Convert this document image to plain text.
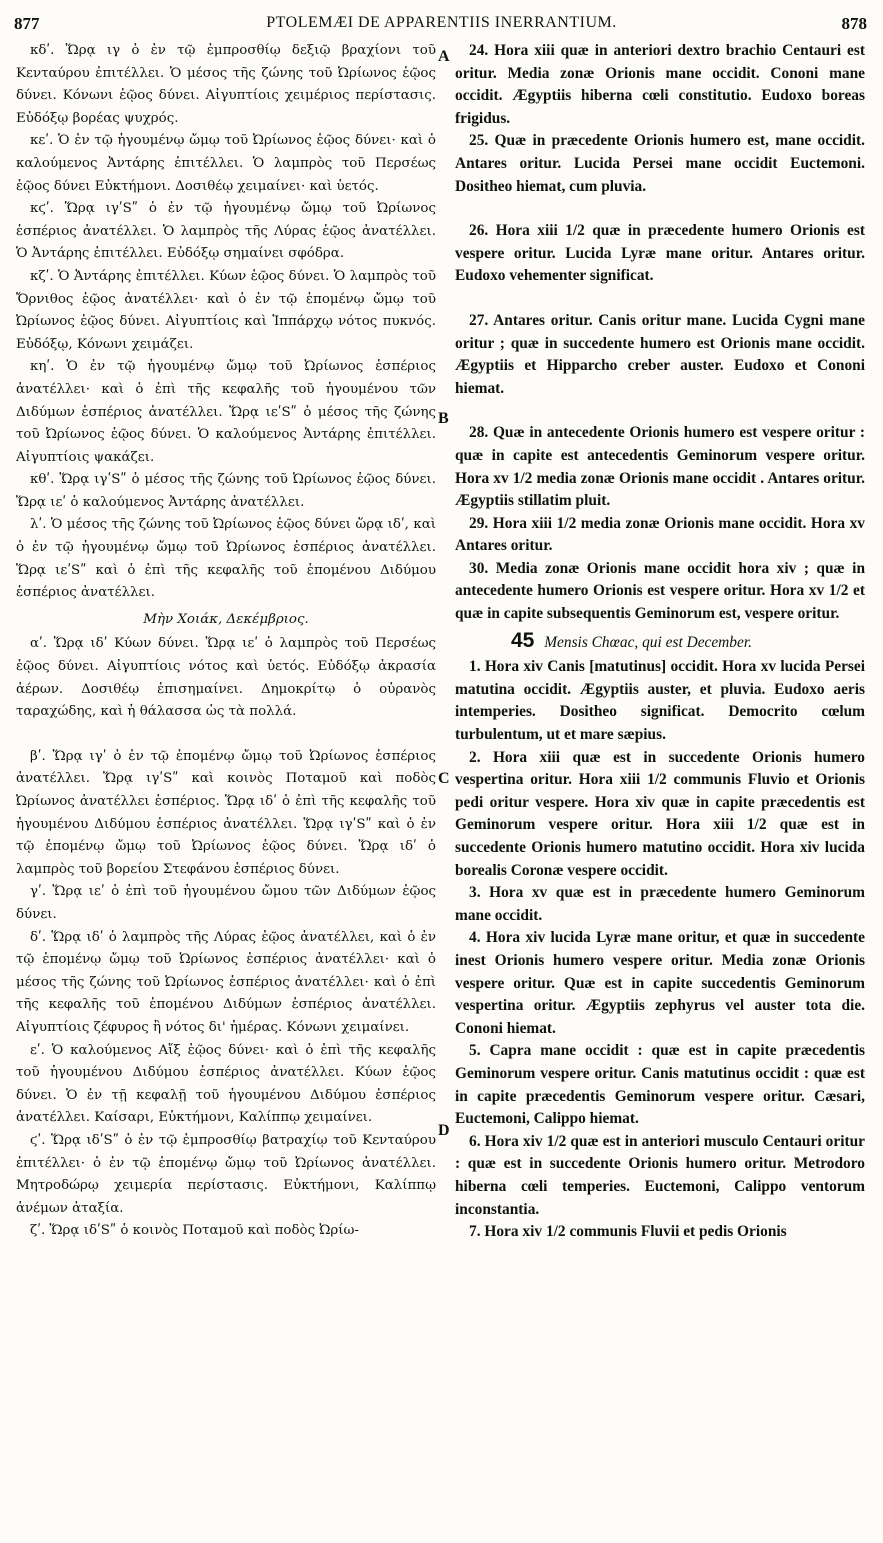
877	PTOLEMÆI DE APPARENTIIS INERRANTIUM.	878
A
B
C
D

κδʹ. Ὥρᾳ ιγ ὁ ἐν τῷ ἐμπροσθίῳ δεξιῷ βραχίονι τοῦ Κενταύρου ἐπιτέλλει. Ὁ μέσος τῆς ζώνης τοῦ Ὠρίωνος ἑῷος δύνει. Κόνωνι ἑῷος δύνει. Αἰγυπτίοις χειμέριος περίστασις. Εὐδόξῳ βορέας ψυχρός.

κεʹ. Ὁ ἐν τῷ ἡγουμένῳ ὤμῳ τοῦ Ὠρίωνος ἑῷος δύνει· καὶ ὁ καλούμενος Ἀντάρης ἐπιτέλλει. Ὁ λαμπρὸς τοῦ Περσέως ἑῷος δύνει Εὐκτήμονι. Δοσιθέῳ χειμαίνει· καὶ ὑετός.

κϛʹ. Ὥρᾳ ιγʹSʺ ὁ ἐν τῷ ἡγουμένῳ ὤμῳ τοῦ Ὠρίωνος ἑσπέριος ἀνατέλλει. Ὁ λαμπρὸς τῆς Λύρας ἑῷος ἀνατέλλει. Ὁ Ἀντάρης ἐπιτέλλει. Εὐδόξῳ σημαίνει σφόδρα.

κζʹ. Ὁ Ἀντάρης ἐπιτέλλει. Κύων ἑῷος δύνει. Ὁ λαμπρὸς τοῦ Ὄρνιθος ἑῷος ἀνατέλλει· καὶ ὁ ἐν τῷ ἑπομένῳ ὤμῳ τοῦ Ὠρίωνος ἑῷος δύνει. Αἰγυπτίοις καὶ Ἱππάρχῳ νότος πυκνός. Εὐδόξῳ, Κόνωνι χειμάζει.

κηʹ. Ὁ ἐν τῷ ἡγουμένῳ ὤμῳ τοῦ Ὠρίωνος ἑσπέριος ἀνατέλλει· καὶ ὁ ἐπὶ τῆς κεφαλῆς τοῦ ἡγουμένου τῶν Διδύμων ἑσπέριος ἀνατέλλει. Ὥρᾳ ιεʹSʺ ὁ μέσος τῆς ζώνης τοῦ Ὠρίωνος ἑῷος δύνει. Ὁ καλούμενος Ἀντάρης ἐπιτέλλει. Αἰγυπτίοις ψακάζει.

κθʹ. Ὥρᾳ ιγʹSʺ ὁ μέσος τῆς ζώνης τοῦ Ὠρίωνος ἑῷος δύνει. Ὥρᾳ ιεʹ ὁ καλούμενος Ἀντάρης ἀνατέλλει.

λʹ. Ὁ μέσος τῆς ζώνης τοῦ Ὠρίωνος ἑῷος δύνει ὥρᾳ ιδʹ, καὶ ὁ ἐν τῷ ἡγουμένῳ ὤμῳ τοῦ Ὠρίωνος ἑσπέριος ἀνατέλλει. Ὥρᾳ ιεʹSʺ καὶ ὁ ἐπὶ τῆς κεφαλῆς τοῦ ἑπομένου Διδύμου ἑσπέριος ἀνατέλλει.

Μὴν Χοιάκ, Δεκέμβριος.

αʹ. Ὥρᾳ ιδʹ Κύων δύνει. Ὥρᾳ ιεʹ ὁ λαμπρὸς τοῦ Περσέως ἑῷος δύνει. Αἰγυπτίοις νότος καὶ ὑετός. Εὐδόξῳ ἀκρασία ἀέρων. Δοσιθέῳ ἐπισημαίνει. Δημοκρίτῳ ὁ οὐρανὸς ταραχώδης, καὶ ἡ θάλασσα ὡς τὰ πολλά.

βʹ. Ὥρᾳ ιγʹ ὁ ἐν τῷ ἑπομένῳ ὤμῳ τοῦ Ὠρίωνος ἑσπέριος ἀνατέλλει. Ὥρᾳ ιγʹSʺ καὶ κοινὸς Ποταμοῦ καὶ ποδὸς Ὠρίωνος ἀνατέλλει ἑσπέριος. Ὥρᾳ ιδʹ ὁ ἐπὶ τῆς κεφαλῆς τοῦ ἡγουμένου Διδύμου ἑσπέριος ἀνατέλλει. Ὥρᾳ ιγʹSʺ καὶ ὁ ἐν τῷ ἑπομένῳ ὤμῳ τοῦ Ὠρίωνος ἑῷος δύνει. Ὥρᾳ ιδʹ ὁ λαμπρὸς τοῦ βορείου Στεφάνου ἑσπέριος δύνει.

γʹ. Ὥρᾳ ιεʹ ὁ ἐπὶ τοῦ ἡγουμένου ὤμου τῶν Διδύμων ἑῷος δύνει.

δʹ. Ὥρᾳ ιδʹ ὁ λαμπρὸς τῆς Λύρας ἑῷος ἀνατέλλει, καὶ ὁ ἐν τῷ ἑπομένῳ ὤμῳ τοῦ Ὠρίωνος ἑσπέριος ἀνατέλλει· καὶ ὁ μέσος τῆς ζώνης τοῦ Ὠρίωνος ἑσπέριος ἀνατέλλει· καὶ ὁ ἐπὶ τῆς κεφαλῆς τοῦ ἑπομένου Διδύμων ἑσπέριος ἀνατέλλει. Αἰγυπτίοις ζέφυρος ἢ νότος δι' ἡμέρας. Κόνωνι χειμαίνει.

εʹ. Ὁ καλούμενος Αἴξ ἑῷος δύνει· καὶ ὁ ἐπὶ τῆς κεφαλῆς τοῦ ἡγουμένου Διδύμου ἑσπέριος ἀνατέλλει. Κύων ἑῷος δύνει. Ὁ ἐν τῇ κεφαλῇ τοῦ ἡγουμένου Διδύμου ἑσπέριος ἀνατέλλει. Καίσαρι, Εὐκτήμονι, Καλίππῳ χειμαίνει.

ϛʹ. Ὥρᾳ ιδʹSʺ ὁ ἐν τῷ ἐμπροσθίῳ βατραχίῳ τοῦ Κενταύρου ἐπιτέλλει· ὁ ἐν τῷ ἑπομένῳ ὤμῳ τοῦ Ὠρίωνος ἀνατέλλει. Μητροδώρῳ χειμερία περίστασις. Εὐκτήμονι, Καλίππῳ ἀνέμων ἀταξία.

ζʹ. Ὥρᾳ ιδʹSʺ ὁ κοινὸς Ποταμοῦ καὶ ποδὸς Ὠρίω-

24. Hora xiii quæ in anteriori dextro brachio Centauri est oritur. Media zonæ Orionis mane occidit. Cononi mane occidit. Ægyptiis hiberna cœli constitutio. Eudoxo boreas frigidus.

25. Quæ in præcedente Orionis humero est, mane occidit. Antares oritur. Lucida Persei mane occidit Euctemoni. Dositheo hiemat, cum pluvia.

26. Hora xiii 1/2 quæ in præcedente humero Orionis est vespere oritur. Lucida Lyræ mane oritur. Antares oritur. Eudoxo vehementer significat.

27. Antares oritur. Canis oritur mane. Lucida Cygni mane oritur ; quæ in succedente humero est Orionis mane occidit. Ægyptiis et Hipparcho creber auster. Eudoxo et Cononi hiemat.

28. Quæ in antecedente Orionis humero est vespere oritur : quæ in capite est antecedentis Geminorum vespere oritur. Hora xv 1/2 media zonæ Orionis mane occidit . Antares oritur. Ægyptiis stillatim pluit.

29. Hora xiii 1/2 media zonæ Orionis mane occidit. Hora xv Antares oritur.

30. Media zonæ Orionis mane occidit hora xiv ; quæ in antecedente humero Orionis est vespere oritur. Hora xv 1/2 et quæ in capite subsequentis Geminorum est, vespere oritur.

45 Mensis Chœac, qui est December.

1. Hora xiv Canis [matutinus] occidit. Hora xv lucida Persei matutina occidit. Ægyptiis auster, et pluvia. Eudoxo aeris intemperies. Dositheo significat. Democrito cœlum turbulentum, ut et mare sæpius.

2. Hora xiii quæ est in succedente Orionis humero vespertina oritur. Hora xiii 1/2 communis Fluvio et Orionis pedi oritur vespere. Hora xiv quæ in capite præcedentis est Geminorum vespere oritur. Hora xiii 1/2 quæ est in succedente Orionis humero matutino occidit. Hora xiv lucida borealis Coronæ vespere occidit.

3. Hora xv quæ est in præcedente humero Geminorum mane occidit.

4. Hora xiv lucida Lyræ mane oritur, et quæ in succedente inest Orionis humero vespere oritur. Media zonæ Orionis vespere oritur. Quæ est in capite succedentis Geminorum vespertina oritur. Ægyptiis zephyrus vel auster tota die. Cononi hiemat.

5. Capra mane occidit : quæ est in capite præcedentis Geminorum vespere oritur. Canis matutinus occidit : quæ est in capite præcedentis Geminorum vespere oritur. Cæsari, Euctemoni, Calippo hiemat.

6. Hora xiv 1/2 quæ est in anteriori musculo Centauri oritur : quæ est in succedente Orionis humero oritur. Metrodoro hiberna cœli temperies. Euctemoni, Calippo ventorum inconstantia.

7. Hora xiv 1/2 communis Fluvii et pedis Orionis
